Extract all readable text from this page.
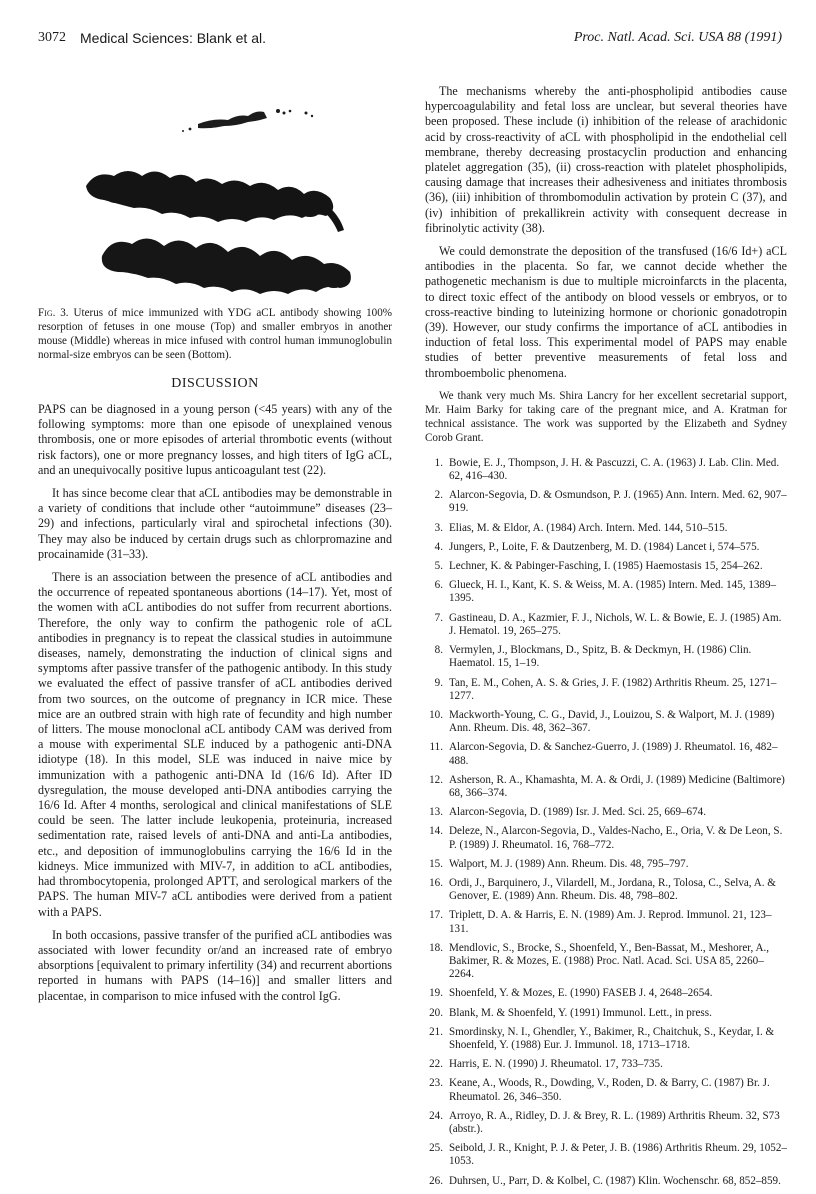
3072 Medical Sciences: Blank et al.	Proc. Natl. Acad. Sci. USA 88 (1991)

Fig. 3. Uterus of mice immunized with YDG aCL antibody showing 100% resorption of fetuses in one mouse (Top) and smaller embryos in another mouse (Middle) whereas in mice infused with control human immunoglobulin normal-size embryos can be seen (Bottom).

DISCUSSION

PAPS can be diagnosed in a young person (<45 years) with any of the following symptoms: more than one episode of unexplained venous thrombosis, one or more episodes of arterial thrombotic events (without risk factors), one or more pregnancy losses, and high titers of IgG aCL, and an unequivocally positive lupus anticoagulant test (22).

It has since become clear that aCL antibodies may be demonstrable in a variety of conditions that include other “autoimmune” diseases (23–29) and infections, particularly viral and spirochetal infections (30). They may also be induced by certain drugs such as chlorpromazine and procainamide (31–33).

There is an association between the presence of aCL antibodies and the occurrence of repeated spontaneous abortions (14–17). Yet, most of the women with aCL antibodies do not suffer from recurrent abortions. Therefore, the only way to confirm the pathogenic role of aCL antibodies in pregnancy is to repeat the classical studies in autoimmune diseases, namely, demonstrating the induction of clinical signs and symptoms after passive transfer of the pathogenic antibody. In this study we evaluated the effect of passive transfer of aCL antibodies derived from two sources, on the outcome of pregnancy in ICR mice. These mice are an outbred strain with high rate of fecundity and high number of litters. The mouse monoclonal aCL antibody CAM was derived from a mouse with experimental SLE induced by a pathogenic anti-DNA idiotype (18). In this model, SLE was induced in naive mice by immunization with a pathogenic anti-DNA Id (16/6 Id). After ID dysregulation, the mouse developed anti-DNA antibodies carrying the 16/6 Id. After 4 months, serological and clinical manifestations of SLE could be seen. The latter include leukopenia, proteinuria, increased sedimentation rate, raised levels of anti-DNA and anti-La antibodies, etc., and deposition of immunoglobulins carrying the 16/6 Id in the kidneys. Mice immunized with MIV-7, in addition to aCL antibodies, had thrombocytopenia, prolonged APTT, and serological markers of the PAPS. The human MIV-7 aCL antibodies were derived from a patient with a PAPS.

In both occasions, passive transfer of the purified aCL antibodies was associated with lower fecundity or/and an increased rate of embryo absorptions [equivalent to primary infertility (34) and recurrent abortions reported in humans with PAPS (14–16)] and smaller litters and placentae, in comparison to mice infused with the control IgG.

The mechanisms whereby the anti-phospholipid antibodies cause hypercoagulability and fetal loss are unclear, but several theories have been proposed. These include (i) inhibition of the release of arachidonic acid by cross-reactivity of aCL with phospholipid in the endothelial cell membrane, thereby decreasing prostacyclin production and enhancing platelet aggregation (35), (ii) cross-reaction with platelet phospholipids, causing damage that increases their adhesiveness and initiates thrombosis (36), (iii) inhibition of thrombomodulin activation by protein C (37), and (iv) inhibition of prekallikrein activity with consequent decrease in fibrinolytic activity (38).

We could demonstrate the deposition of the transfused (16/6 Id+) aCL antibodies in the placenta. So far, we cannot decide whether the pathogenetic mechanism is due to multiple microinfarcts in the placenta, to direct toxic effect of the antibody on blood vessels or embryos, or to cross-reactive binding to luteinizing hormone or chorionic gonadotropin (39). However, our study confirms the importance of aCL antibodies in induction of fetal loss. This experimental model of PAPS may enable studies of better preventive measurements of fetal loss and thromboembolic phenomena.

We thank very much Ms. Shira Lancry for her excellent secretarial support, Mr. Haim Barky for taking care of the pregnant mice, and A. Kratman for technical assistance. The work was supported by the Elizabeth and Sydney Corob Grant.

1. Bowie, E. J., Thompson, J. H. & Pascuzzi, C. A. (1963) J. Lab. Clin. Med. 62, 416–430.
2. Alarcon-Segovia, D. & Osmundson, P. J. (1965) Ann. Intern. Med. 62, 907–919.
3. Elias, M. & Eldor, A. (1984) Arch. Intern. Med. 144, 510–515.
4. Jungers, P., Loite, F. & Dautzenberg, M. D. (1984) Lancet i, 574–575.
5. Lechner, K. & Pabinger-Fasching, I. (1985) Haemostasis 15, 254–262.
6. Glueck, H. I., Kant, K. S. & Weiss, M. A. (1985) Intern. Med. 145, 1389–1395.
7. Gastineau, D. A., Kazmier, F. J., Nichols, W. L. & Bowie, E. J. (1985) Am. J. Hematol. 19, 265–275.
8. Vermylen, J., Blockmans, D., Spitz, B. & Deckmyn, H. (1986) Clin. Haematol. 15, 1–19.
9. Tan, E. M., Cohen, A. S. & Gries, J. F. (1982) Arthritis Rheum. 25, 1271–1277.
10. Mackworth-Young, C. G., David, J., Louizou, S. & Walport, M. J. (1989) Ann. Rheum. Dis. 48, 362–367.
11. Alarcon-Segovia, D. & Sanchez-Guerro, J. (1989) J. Rheumatol. 16, 482–488.
12. Asherson, R. A., Khamashta, M. A. & Ordi, J. (1989) Medicine (Baltimore) 68, 366–374.
13. Alarcon-Segovia, D. (1989) Isr. J. Med. Sci. 25, 669–674.
14. Deleze, N., Alarcon-Segovia, D., Valdes-Nacho, E., Oria, V. & De Leon, S. P. (1989) J. Rheumatol. 16, 768–772.
15. Walport, M. J. (1989) Ann. Rheum. Dis. 48, 795–797.
16. Ordi, J., Barquinero, J., Vilardell, M., Jordana, R., Tolosa, C., Selva, A. & Genover, E. (1989) Ann. Rheum. Dis. 48, 798–802.
17. Triplett, D. A. & Harris, E. N. (1989) Am. J. Reprod. Immunol. 21, 123–131.
18. Mendlovic, S., Brocke, S., Shoenfeld, Y., Ben-Bassat, M., Meshorer, A., Bakimer, R. & Mozes, E. (1988) Proc. Natl. Acad. Sci. USA 85, 2260–2264.
19. Shoenfeld, Y. & Mozes, E. (1990) FASEB J. 4, 2648–2654.
20. Blank, M. & Shoenfeld, Y. (1991) Immunol. Lett., in press.
21. Smordinsky, N. I., Ghendler, Y., Bakimer, R., Chaitchuk, S., Keydar, I. & Shoenfeld, Y. (1988) Eur. J. Immunol. 18, 1713–1718.
22. Harris, E. N. (1990) J. Rheumatol. 17, 733–735.
23. Keane, A., Woods, R., Dowding, V., Roden, D. & Barry, C. (1987) Br. J. Rheumatol. 26, 346–350.
24. Arroyo, R. A., Ridley, D. J. & Brey, R. L. (1989) Arthritis Rheum. 32, S73 (abstr.).
25. Seibold, J. R., Knight, P. J. & Peter, J. B. (1986) Arthritis Rheum. 29, 1052–1053.
26. Duhrsen, U., Parr, D. & Kolbel, C. (1987) Klin. Wochenschr. 68, 852–859.
